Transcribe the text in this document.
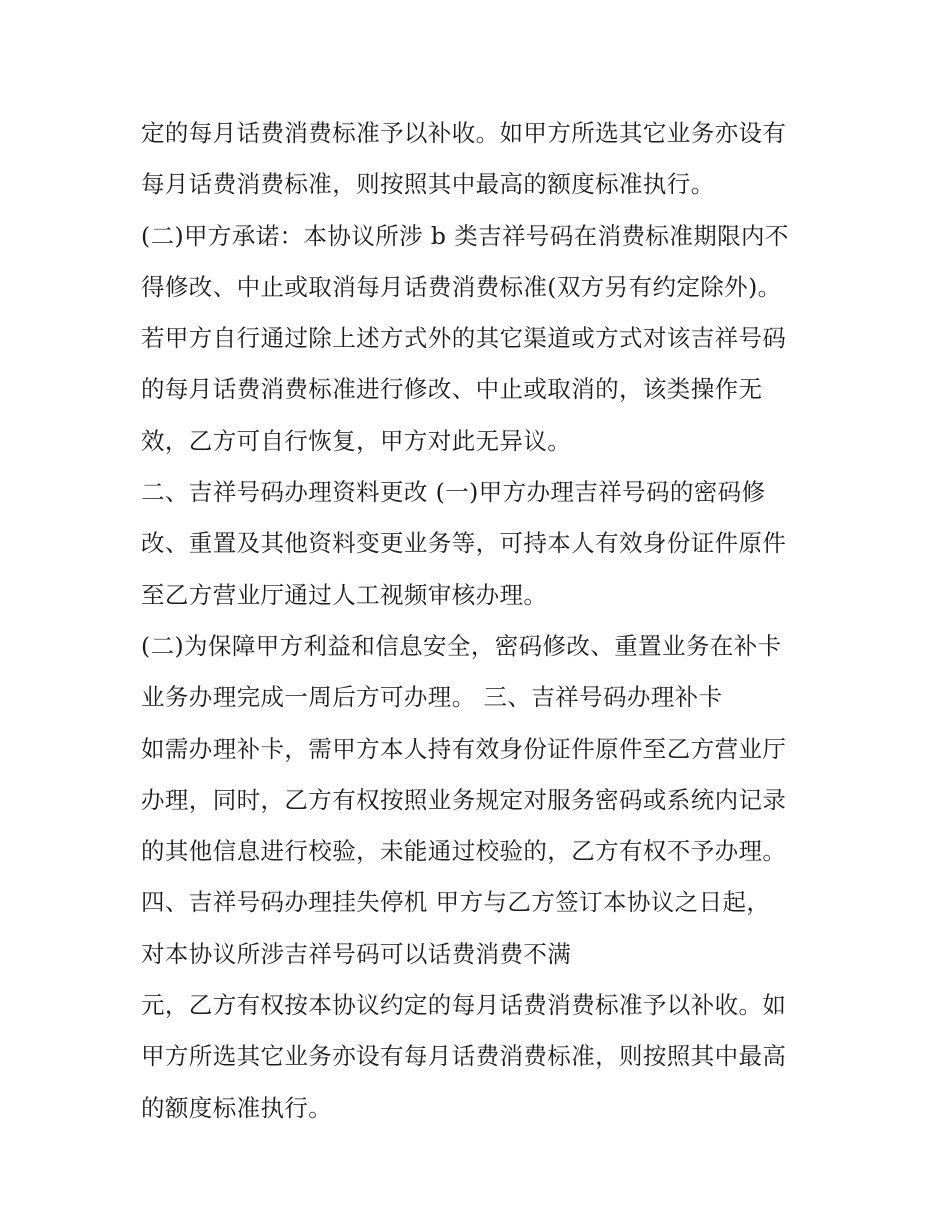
定的每月话费消费标准予以补收。如甲方所选其它业务亦设有
每月话费消费标准，则按照其中最高的额度标准执行。
(二)甲方承诺：本协议所涉 b 类吉祥号码在消费标准期限内不
得修改、中止或取消每月话费消费标准(双方另有约定除外)。
若甲方自行通过除上述方式外的其它渠道或方式对该吉祥号码
的每月话费消费标准进行修改、中止或取消的，该类操作无
效，乙方可自行恢复，甲方对此无异议。
二、吉祥号码办理资料更改 (一)甲方办理吉祥号码的密码修
改、重置及其他资料变更业务等，可持本人有效身份证件原件
至乙方营业厅通过人工视频审核办理。
(二)为保障甲方利益和信息安全，密码修改、重置业务在补卡
业务办理完成一周后方可办理。 三、吉祥号码办理补卡
如需办理补卡，需甲方本人持有效身份证件原件至乙方营业厅
办理，同时，乙方有权按照业务规定对服务密码或系统内记录
的其他信息进行校验，未能通过校验的，乙方有权不予办理。
四、吉祥号码办理挂失停机 甲方与乙方签订本协议之日起，
对本协议所涉吉祥号码可以话费消费不满
元，乙方有权按本协议约定的每月话费消费标准予以补收。如
甲方所选其它业务亦设有每月话费消费标准，则按照其中最高
的额度标准执行。
